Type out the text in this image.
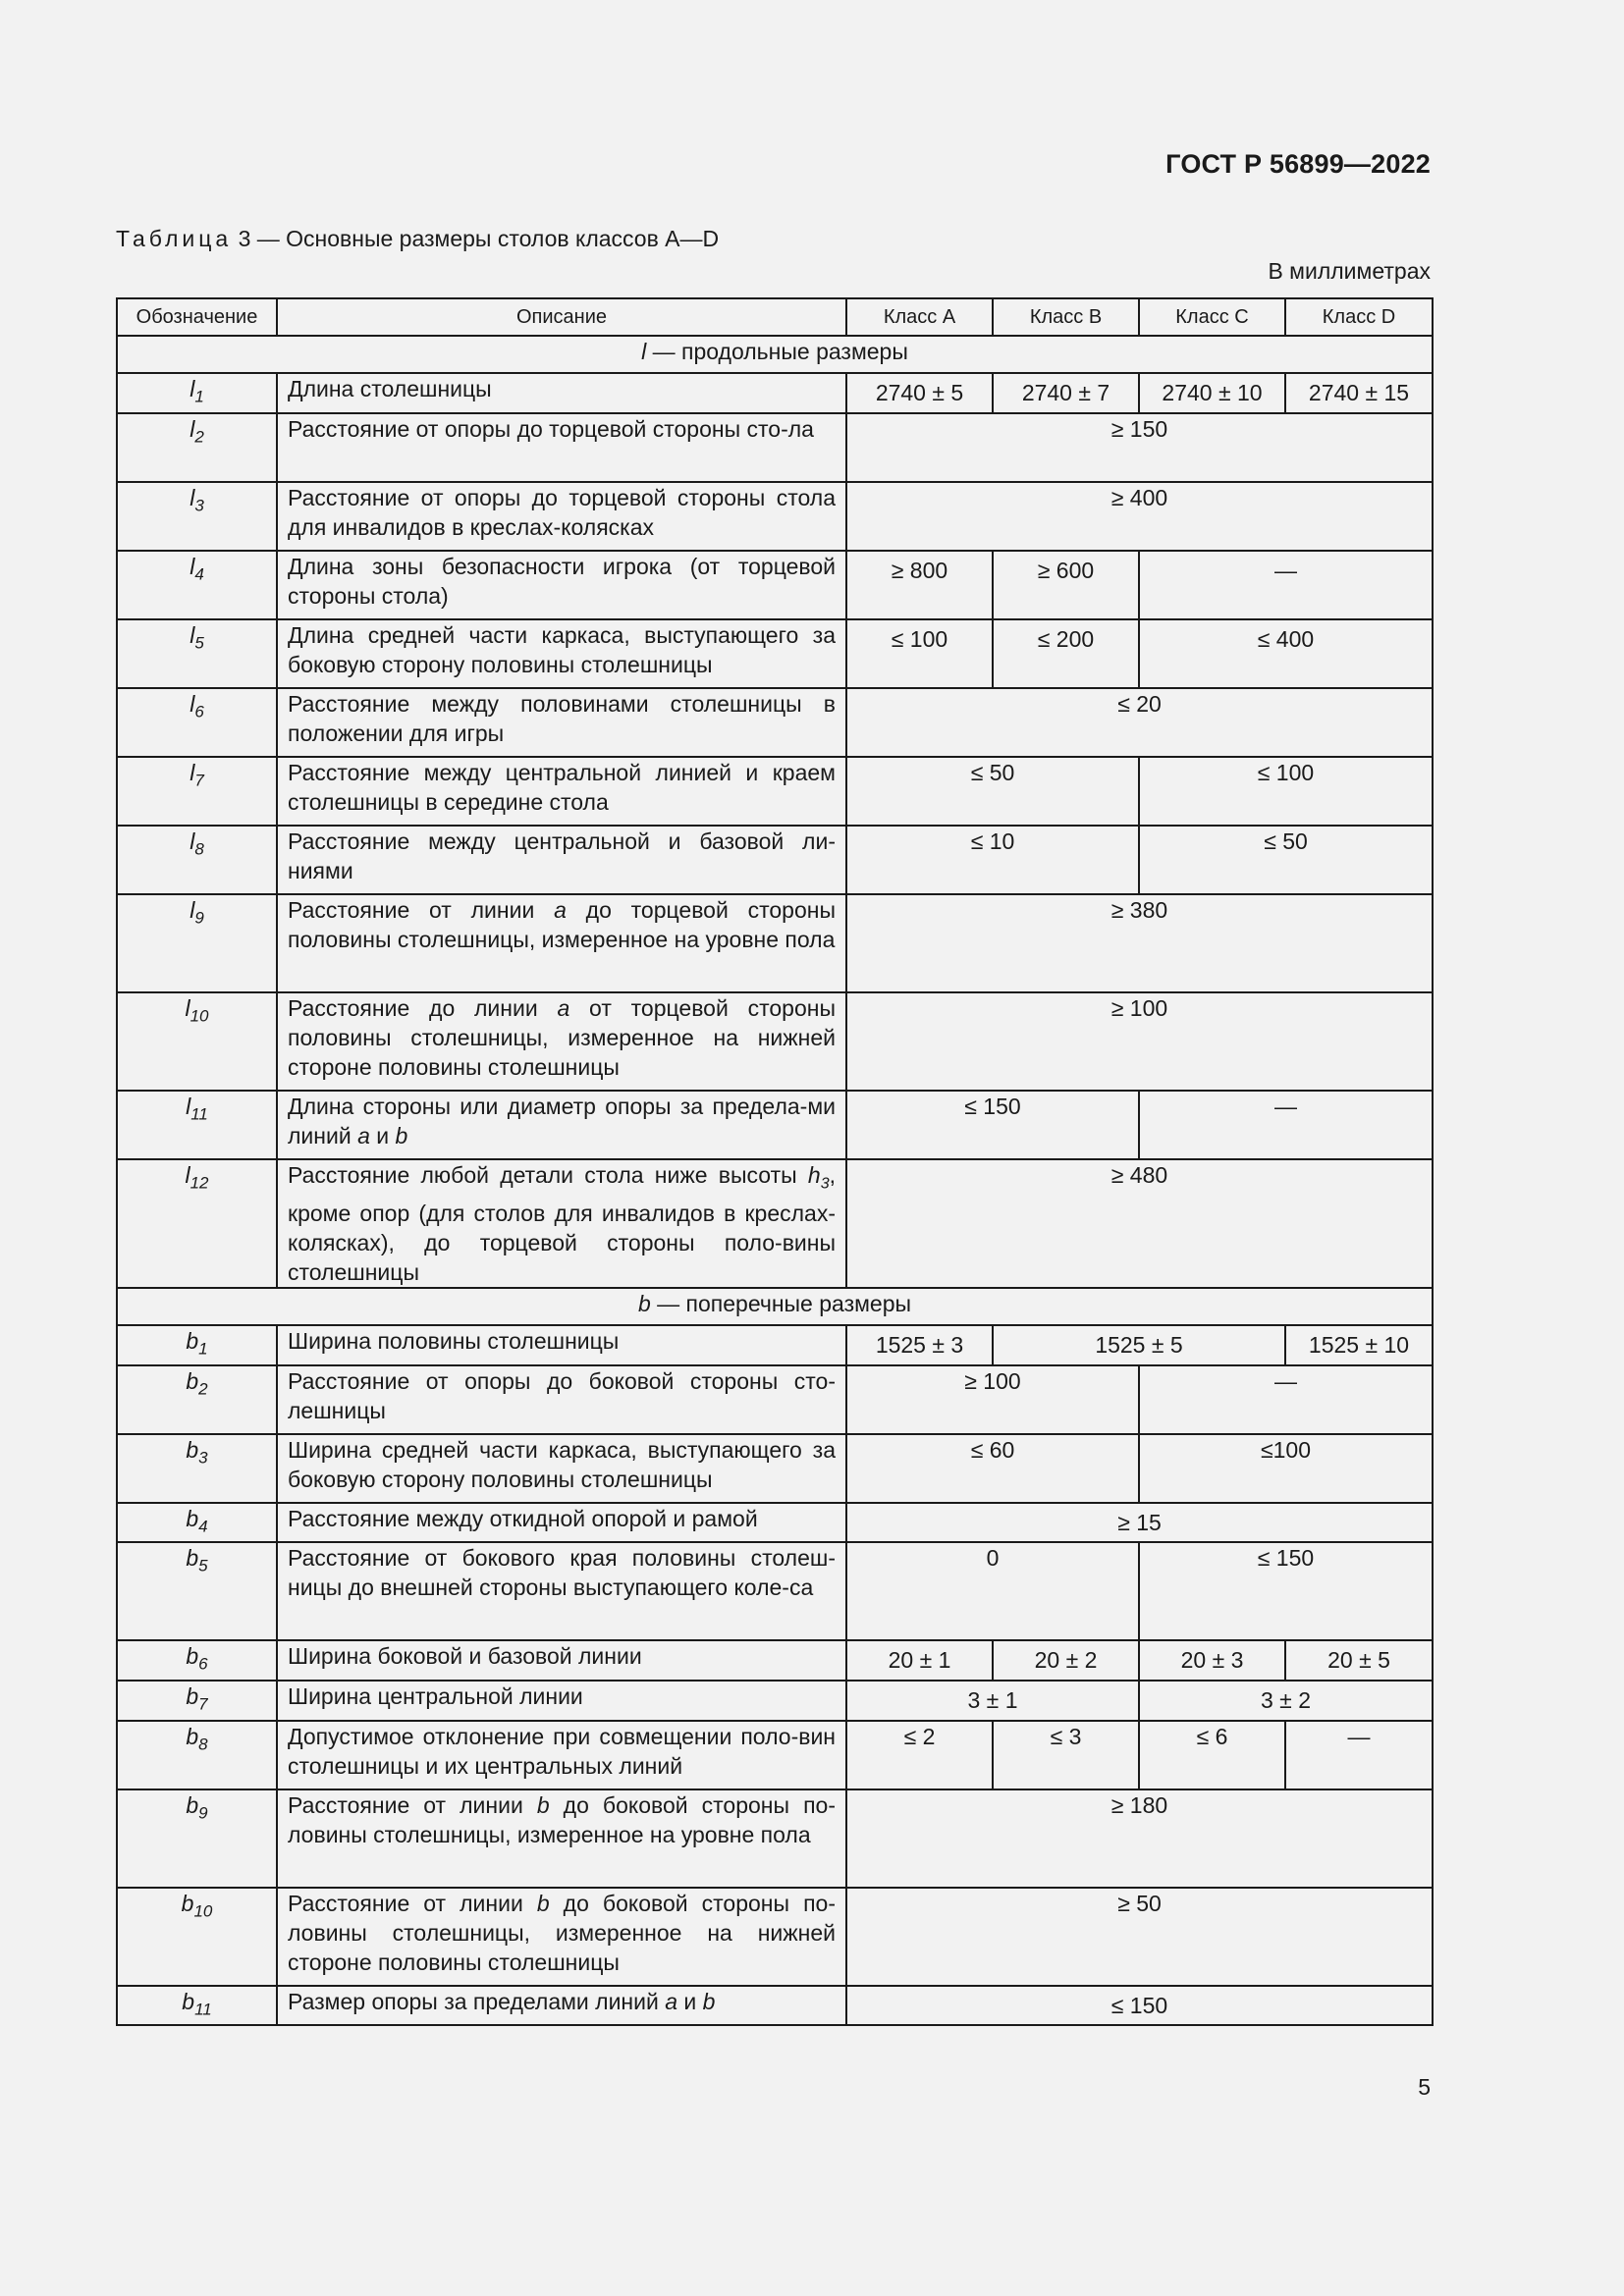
ГОСТ Р 56899—2022
Таблица 3 — Основные размеры столов классов A—D
В миллиметрах
Обозначение	Описание	Класс A	Класс B	Класс C	Класс D
l — продольные размеры					
$l_1$	Длина столешницы	2740 ± 5	2740 ± 7	2740 ± 10	2740 ± 15
$l_2$	Расстояние от опоры до торцевой стороны сто-ла	≥ 150			
$l_3$	Расстояние от опоры до торцевой стороны стола для инвалидов в креслах-колясках	≥ 400			
$l_4$	Длина зоны безопасности игрока (от торцевой стороны стола)	≥ 800	≥ 600	—	
$l_5$	Длина средней части каркаса, выступающего за боковую сторону половины столешницы	≤ 100	≤ 200	≤ 400	
$l_6$	Расстояние между половинами столешницы в положении для игры	≤ 20			
$l_7$	Расстояние между центральной линией и краем столешницы в середине стола	≤ 50		≤ 100	
$l_8$	Расстояние между центральной и базовой ли-ниями	≤ 10		≤ 50	
$l_9$	Расстояние от линии a до торцевой стороны половины столешницы, измеренное на уровне пола	≥ 380			
$l_{10}$	Расстояние до линии a от торцевой стороны половины столешницы, измеренное на нижней стороне половины столешницы	≥ 100			
$l_{11}$	Длина стороны или диаметр опоры за предела-ми линий a и b	≤ 150		—	
$l_{12}$	Расстояние любой детали стола ниже высоты $h_3$, кроме опор (для столов для инвалидов в креслах-колясках), до торцевой стороны поло-вины столешницы	≥ 480			
b — поперечные размеры					
$b_1$	Ширина половины столешницы	1525 ± 3	1525 ± 5		1525 ± 10
$b_2$	Расстояние от опоры до боковой стороны сто-лешницы	≥ 100		—	
$b_3$	Ширина средней части каркаса, выступающего за боковую сторону половины столешницы	≤ 60		≤100	
$b_4$	Расстояние между откидной опорой и рамой	≥ 15			
$b_5$	Расстояние от бокового края половины столеш-ницы до внешней стороны выступающего коле-са	0		≤ 150	
$b_6$	Ширина боковой и базовой линии	20 ± 1	20 ± 2	20 ± 3	20 ± 5
$b_7$	Ширина центральной линии	3 ± 1		3 ± 2	
$b_8$	Допустимое отклонение при совмещении поло-вин столешницы и их центральных линий	≤ 2	≤ 3	≤ 6	—
$b_9$	Расстояние от линии b до боковой стороны по-ловины столешницы, измеренное на уровне пола	≥ 180			
$b_{10}$	Расстояние от линии b до боковой стороны по-ловины столешницы, измеренное на нижней стороне половины столешницы	≥ 50			
$b_{11}$	Размер опоры за пределами линий a и b	≤ 150			
5
